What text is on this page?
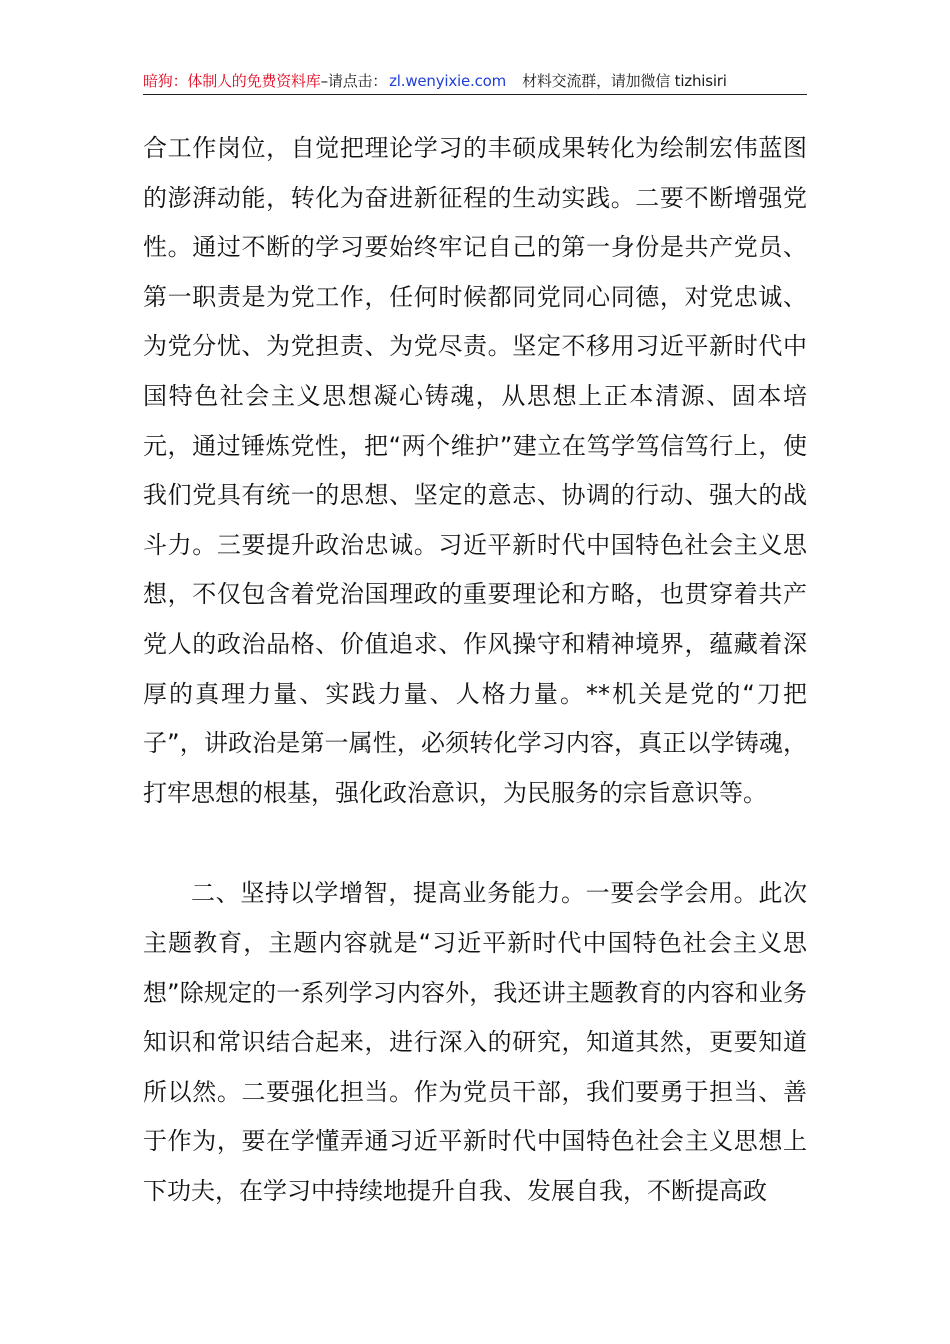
暗狗：体制人的免费资料库–请点击： zl.wenyixie.com 材料交流群，请加微信 tizhisiri

合工作岗位，自觉把理论学习的丰硕成果转化为绘制宏伟蓝图的澎湃动能，转化为奋进新征程的生动实践。二要不断增强党性。通过不断的学习要始终牢记自己的第一身份是共产党员、第一职责是为党工作，任何时候都同党同心同德，对党忠诚、为党分忧、为党担责、为党尽责。坚定不移用习近平新时代中国特色社会主义思想凝心铸魂，从思想上正本清源、固本培元，通过锤炼党性，把“两个维护”建立在笃学笃信笃行上，使我们党具有统一的思想、坚定的意志、协调的行动、强大的战斗力。三要提升政治忠诚。习近平新时代中国特色社会主义思想，不仅包含着党治国理政的重要理论和方略，也贯穿着共产党人的政治品格、价值追求、作风操守和精神境界，蕴藏着深厚的真理力量、实践力量、人格力量。**机关是党的“刀把子”，讲政治是第一属性，必须转化学习内容，真正以学铸魂，打牢思想的根基，强化政治意识，为民服务的宗旨意识等。

二、坚持以学增智，提高业务能力。一要会学会用。此次主题教育，主题内容就是“习近平新时代中国特色社会主义思想”除规定的一系列学习内容外，我还讲主题教育的内容和业务知识和常识结合起来，进行深入的研究，知道其然，更要知道所以然。二要强化担当。作为党员干部，我们要勇于担当、善于作为，要在学懂弄通习近平新时代中国特色社会主义思想上下功夫，在学习中持续地提升自我、发展自我，不断提高政
